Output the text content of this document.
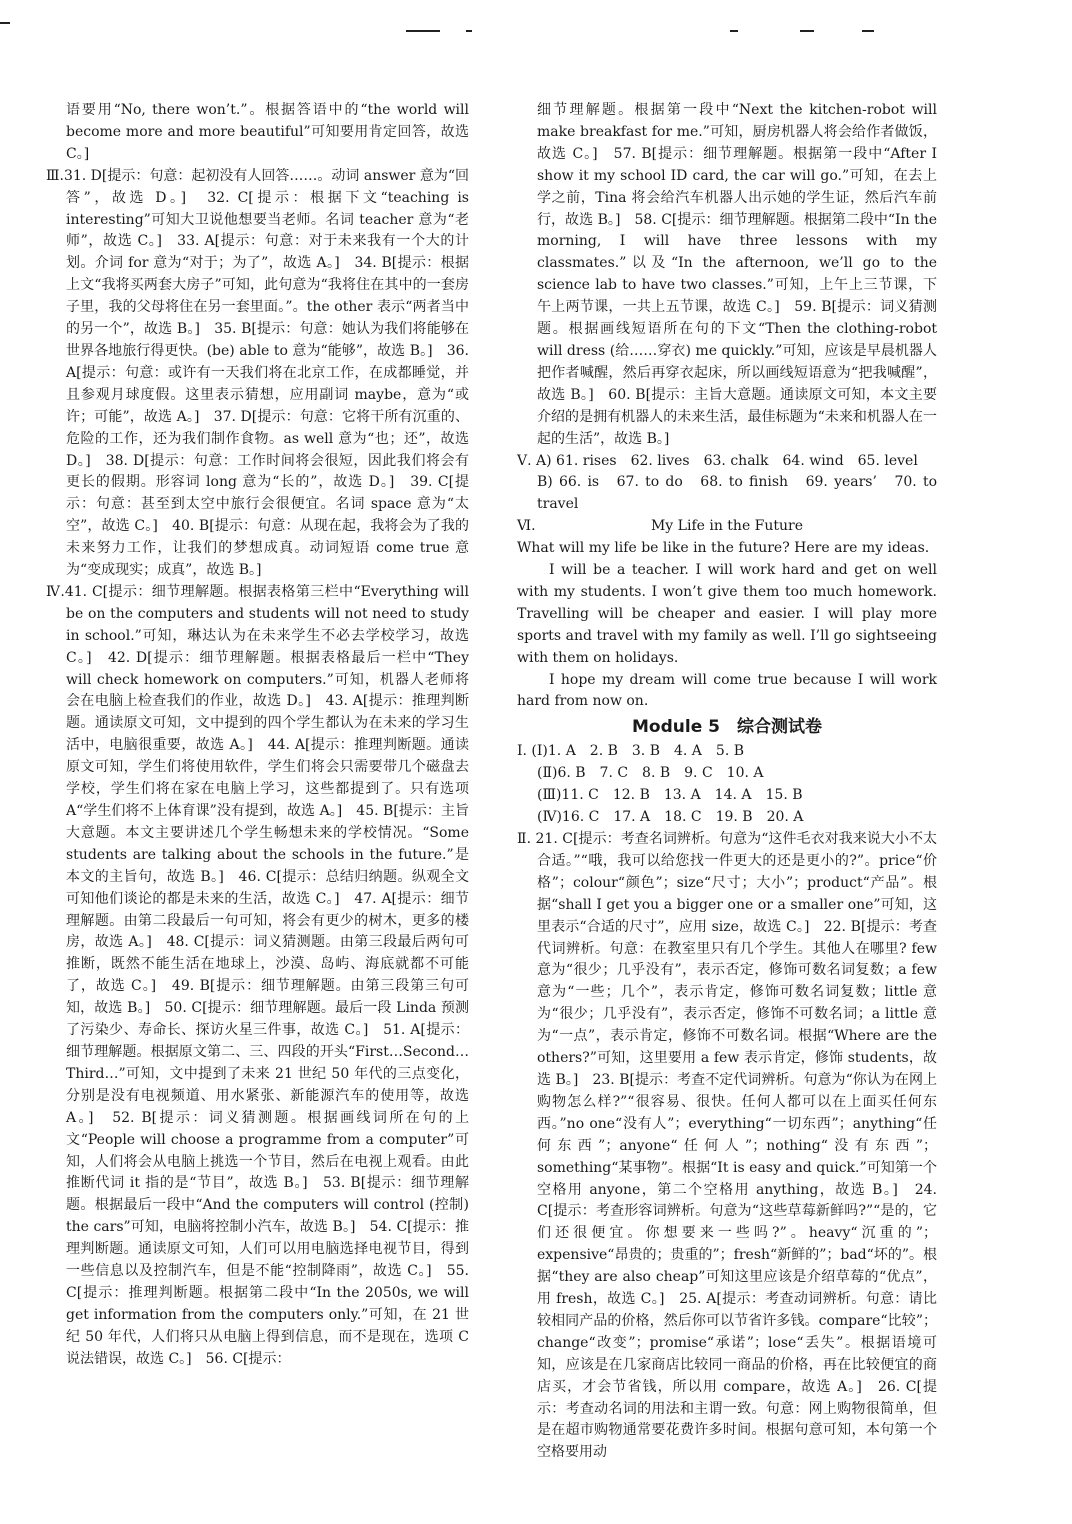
语要用“No, there won’t.”。根据答语中的“the world will become more and more beautiful”可知要用肯定回答，故选 C。]

Ⅲ.31. D[提示：句意：起初没有人回答……。动词 answer 意为“回答”，故选 D。]　32. C[提示：根据下文“teaching is interesting”可知大卫说他想要当老师。名词 teacher 意为“老师”，故选 C。]　33. A[提示：句意：对于未来我有一个大的计划。介词 for 意为“对于；为了”，故选 A。]　34. B[提示：根据上文“我将买两套大房子”可知，此句意为“我将住在其中的一套房子里，我的父母将住在另一套里面。”。the other 表示“两者当中的另一个”，故选 B。]　35. B[提示：句意：她认为我们将能够在世界各地旅行得更快。(be) able to 意为“能够”，故选 B。]　36. A[提示：句意：或许有一天我们将在北京工作，在成都睡觉，并且参观月球度假。这里表示猜想，应用副词 maybe，意为“或许；可能”，故选 A。]　37. D[提示：句意：它将干所有沉重的、危险的工作，还为我们制作食物。as well 意为“也；还”，故选 D。]　38. D[提示：句意：工作时间将会很短，因此我们将会有更长的假期。形容词 long 意为“长的”，故选 D。]　39. C[提示：句意：甚至到太空中旅行会很便宜。名词 space 意为“太空”，故选 C。]　40. B[提示：句意：从现在起，我将会为了我的未来努力工作，让我们的梦想成真。动词短语 come true 意为“变成现实；成真”，故选 B。]

Ⅳ.41. C[提示：细节理解题。根据表格第三栏中“Everything will be on the computers and students will not need to study in school.”可知，琳达认为在未来学生不必去学校学习，故选 C。]　42. D[提示：细节理解题。根据表格最后一栏中“They will check homework on computers.”可知，机器人老师将会在电脑上检查我们的作业，故选 D。]　43. A[提示：推理判断题。通读原文可知，文中提到的四个学生都认为在未来的学习生活中，电脑很重要，故选 A。]　44. A[提示：推理判断题。通读原文可知，学生们将使用软件，学生们将会只需要带几个磁盘去学校，学生们将在家在电脑上学习，这些都提到了。只有选项 A“学生们将不上体育课”没有提到，故选 A。]　45. B[提示：主旨大意题。本文主要讲述几个学生畅想未来的学校情况。“Some students are talking about the schools in the future.”是本文的主旨句，故选 B。]　46. C[提示：总结归纳题。纵观全文可知他们谈论的都是未来的生活，故选 C。]　47. A[提示：细节理解题。由第二段最后一句可知，将会有更少的树木，更多的楼房，故选 A。]　48. C[提示：词义猜测题。由第三段最后两句可推断，既然不能生活在地球上，沙漠、岛屿、海底就都不可能了，故选 C。]　49. B[提示：细节理解题。由第三段第三句可知，故选 B。]　50. C[提示：细节理解题。最后一段 Linda 预测了污染少、寿命长、探访火星三件事，故选 C。]　51. A[提示：细节理解题。根据原文第二、三、四段的开头“First…Second…Third…”可知，文中提到了未来 21 世纪 50 年代的三点变化，分别是没有电视频道、用水紧张、新能源汽车的使用等，故选 A。]　52. B[提示：词义猜测题。根据画线词所在句的上文“People will choose a programme from a computer”可知，人们将会从电脑上挑选一个节目，然后在电视上观看。由此推断代词 it 指的是“节目”，故选 B。]　53. B[提示：细节理解题。根据最后一段中“And the computers will control (控制) the cars”可知，电脑将控制小汽车，故选 B。]　54. C[提示：推理判断题。通读原文可知，人们可以用电脑选择电视节目，得到一些信息以及控制汽车，但是不能“控制降雨”，故选 C。]　55. C[提示：推理判断题。根据第二段中“In the 2050s, we will get information from the computers only.”可知，在 21 世纪 50 年代，人们将只从电脑上得到信息，而不是现在，选项 C 说法错误，故选 C。]　56. C[提示：

细节理解题。根据第一段中“Next the kitchen-robot will make breakfast for me.”可知，厨房机器人将会给作者做饭，故选 C。]　57. B[提示：细节理解题。根据第一段中“After I show it my school ID card, the car will go.”可知，在去上学之前，Tina 将会给汽车机器人出示她的学生证，然后汽车前行，故选 B。]　58. C[提示：细节理解题。根据第二段中“In the morning, I will have three lessons with my classmates.”以及“In the afternoon, we’ll go to the science lab to have two classes.”可知，上午上三节课，下午上两节课，一共上五节课，故选 C。]　59. B[提示：词义猜测题。根据画线短语所在句的下文“Then the clothing-robot will dress (给……穿衣) me quickly.”可知，应该是早晨机器人把作者喊醒，然后再穿衣起床，所以画线短语意为“把我喊醒”，故选 B。]　60. B[提示：主旨大意题。通读原文可知，本文主要介绍的是拥有机器人的未来生活，最佳标题为“未来和机器人在一起的生活”，故选 B。]

Ⅴ. A) 61. rises　62. lives　63. chalk　64. wind　65. level

B) 66. is　67. to do　68. to finish　69. years’　70. to travel

Ⅵ.	My Life in the Future

What will my life be like in the future? Here are my ideas.

I will be a teacher. I will work hard and get on well with my students. I won’t give them too much homework. Travelling will be cheaper and easier. I will play more sports and travel with my family as well. I’ll go sightseeing with them on holidays.

I hope my dream will come true because I will work hard from now on.

Module 5　综合测试卷

Ⅰ. (Ⅰ)1. A　2. B　3. B　4. A　5. B

(Ⅱ)6. B　7. C　8. B　9. C　10. A

(Ⅲ)11. C　12. B　13. A　14. A　15. B

(Ⅳ)16. C　17. A　18. C　19. B　20. A

Ⅱ. 21. C[提示：考查名词辨析。句意为“这件毛衣对我来说大小不太合适。”“哦，我可以给您找一件更大的还是更小的?”。price“价格”；colour“颜色”；size“尺寸；大小”；product“产品”。根据“shall I get you a bigger one or a smaller one”可知，这里表示“合适的尺寸”，应用 size，故选 C。]　22. B[提示：考查代词辨析。句意：在教室里只有几个学生。其他人在哪里? few 意为“很少；几乎没有”，表示否定，修饰可数名词复数；a few 意为“一些；几个”，表示肯定，修饰可数名词复数；little 意为“很少；几乎没有”，表示否定，修饰不可数名词；a little 意为“一点”，表示肯定，修饰不可数名词。根据“Where are the others?”可知，这里要用 a few 表示肯定，修饰 students，故选 B。]　23. B[提示：考查不定代词辨析。句意为“你认为在网上购物怎么样?”“很容易、很快。任何人都可以在上面买任何东西。”no one“没有人”；everything“一切东西”；anything“任何东西”；anyone“任何人”；nothing“没有东西”；something“某事物”。根据“It is easy and quick.”可知第一个空格用 anyone，第二个空格用 anything，故选 B。]　24. C[提示：考查形容词辨析。句意为“这些草莓新鲜吗?”“是的，它们还很便宜。你想要来一些吗?”。heavy“沉重的”；expensive“昂贵的；贵重的”；fresh“新鲜的”；bad“坏的”。根据“they are also cheap”可知这里应该是介绍草莓的“优点”，用 fresh，故选 C。]　25. A[提示：考查动词辨析。句意：请比较相同产品的价格，然后你可以节省许多钱。compare“比较”；change“改变”；promise“承诺”；lose“丢失”。根据语境可知，应该是在几家商店比较同一商品的价格，再在比较便宜的商店买，才会节省钱，所以用 compare，故选 A。]　26. C[提示：考查动名词的用法和主谓一致。句意：网上购物很简单，但是在超市购物通常要花费许多时间。根据句意可知，本句第一个空格要用动
